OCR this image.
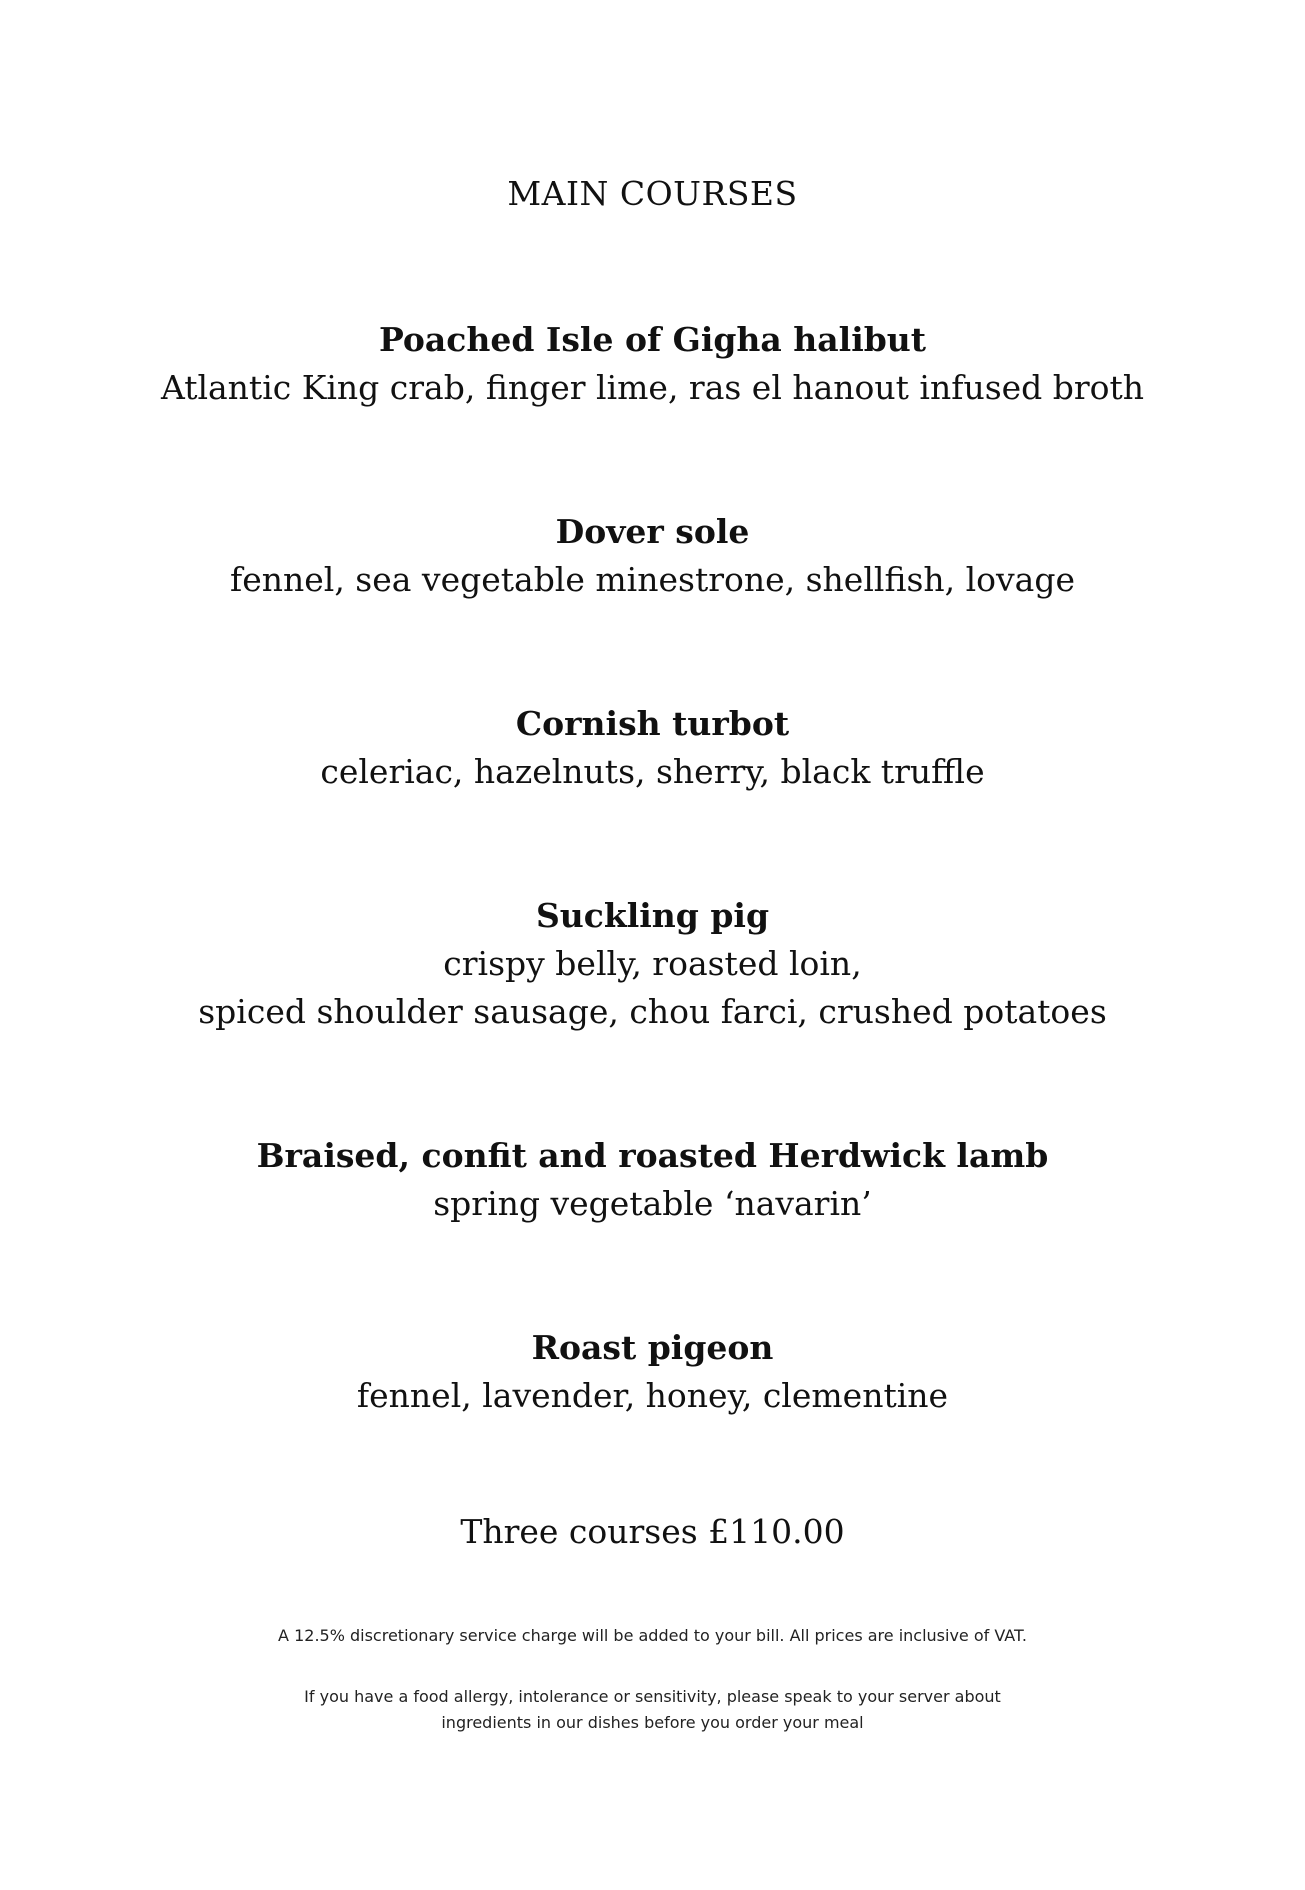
MAIN COURSES

Poached Isle of Gigha halibut

Atlantic King crab, finger lime, ras el hanout infused broth

Dover sole

fennel, sea vegetable minestrone, shellfish, lovage

Cornish turbot

celeriac, hazelnuts, sherry, black truffle

Suckling pig

crispy belly, roasted loin,

spiced shoulder sausage, chou farci, crushed potatoes

Braised, confit and roasted Herdwick lamb

spring vegetable ‘navarin’

Roast pigeon

fennel, lavender, honey, clementine

Three courses £110.00

A 12.5% discretionary service charge will be added to your bill. All prices are inclusive of VAT.

If you have a food allergy, intolerance or sensitivity, please speak to your server about

ingredients in our dishes before you order your meal
